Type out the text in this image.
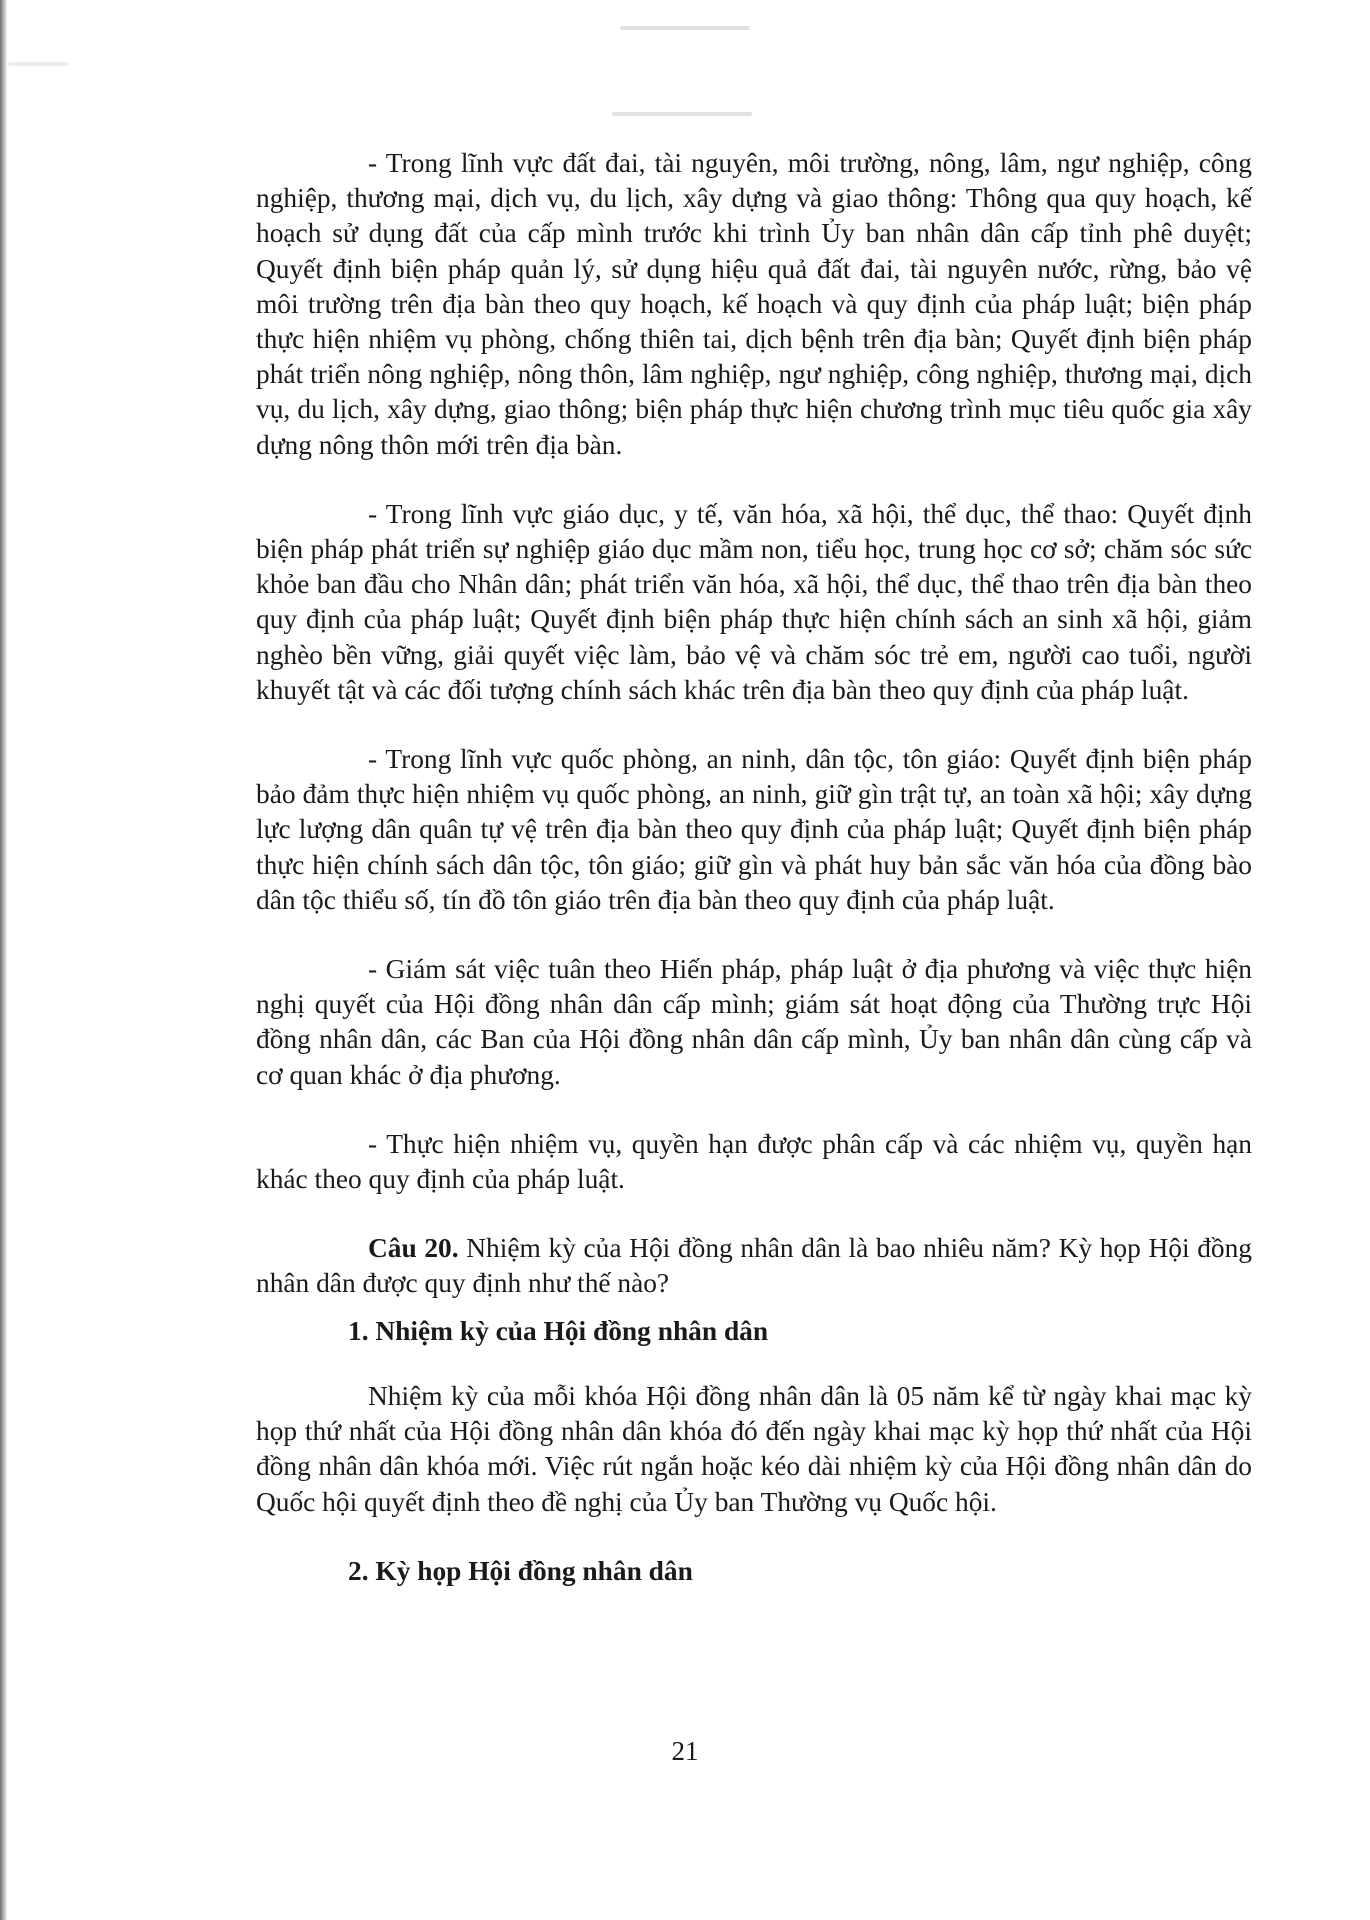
- Trong lĩnh vực đất đai, tài nguyên, môi trường, nông, lâm, ngư nghiệp, công nghiệp, thương mại, dịch vụ, du lịch, xây dựng và giao thông: Thông qua quy hoạch, kế hoạch sử dụng đất của cấp mình trước khi trình Ủy ban nhân dân cấp tỉnh phê duyệt; Quyết định biện pháp quản lý, sử dụng hiệu quả đất đai, tài nguyên nước, rừng, bảo vệ môi trường trên địa bàn theo quy hoạch, kế hoạch và quy định của pháp luật; biện pháp thực hiện nhiệm vụ phòng, chống thiên tai, dịch bệnh trên địa bàn; Quyết định biện pháp phát triển nông nghiệp, nông thôn, lâm nghiệp, ngư nghiệp, công nghiệp, thương mại, dịch vụ, du lịch, xây dựng, giao thông; biện pháp thực hiện chương trình mục tiêu quốc gia xây dựng nông thôn mới trên địa bàn.

- Trong lĩnh vực giáo dục, y tế, văn hóa, xã hội, thể dục, thể thao: Quyết định biện pháp phát triển sự nghiệp giáo dục mầm non, tiểu học, trung học cơ sở; chăm sóc sức khỏe ban đầu cho Nhân dân; phát triển văn hóa, xã hội, thể dục, thể thao trên địa bàn theo quy định của pháp luật; Quyết định biện pháp thực hiện chính sách an sinh xã hội, giảm nghèo bền vững, giải quyết việc làm, bảo vệ và chăm sóc trẻ em, người cao tuổi, người khuyết tật và các đối tượng chính sách khác trên địa bàn theo quy định của pháp luật.

- Trong lĩnh vực quốc phòng, an ninh, dân tộc, tôn giáo: Quyết định biện pháp bảo đảm thực hiện nhiệm vụ quốc phòng, an ninh, giữ gìn trật tự, an toàn xã hội; xây dựng lực lượng dân quân tự vệ trên địa bàn theo quy định của pháp luật; Quyết định biện pháp thực hiện chính sách dân tộc, tôn giáo; giữ gìn và phát huy bản sắc văn hóa của đồng bào dân tộc thiểu số, tín đồ tôn giáo trên địa bàn theo quy định của pháp luật.

- Giám sát việc tuân theo Hiến pháp, pháp luật ở địa phương và việc thực hiện nghị quyết của Hội đồng nhân dân cấp mình; giám sát hoạt động của Thường trực Hội đồng nhân dân, các Ban của Hội đồng nhân dân cấp mình, Ủy ban nhân dân cùng cấp và cơ quan khác ở địa phương.

- Thực hiện nhiệm vụ, quyền hạn được phân cấp và các nhiệm vụ, quyền hạn khác theo quy định của pháp luật.

Câu 20. Nhiệm kỳ của Hội đồng nhân dân là bao nhiêu năm? Kỳ họp Hội đồng nhân dân được quy định như thế nào?

1. Nhiệm kỳ của Hội đồng nhân dân

Nhiệm kỳ của mỗi khóa Hội đồng nhân dân là 05 năm kể từ ngày khai mạc kỳ họp thứ nhất của Hội đồng nhân dân khóa đó đến ngày khai mạc kỳ họp thứ nhất của Hội đồng nhân dân khóa mới. Việc rút ngắn hoặc kéo dài nhiệm kỳ của Hội đồng nhân dân do Quốc hội quyết định theo đề nghị của Ủy ban Thường vụ Quốc hội.

2. Kỳ họp Hội đồng nhân dân
21
